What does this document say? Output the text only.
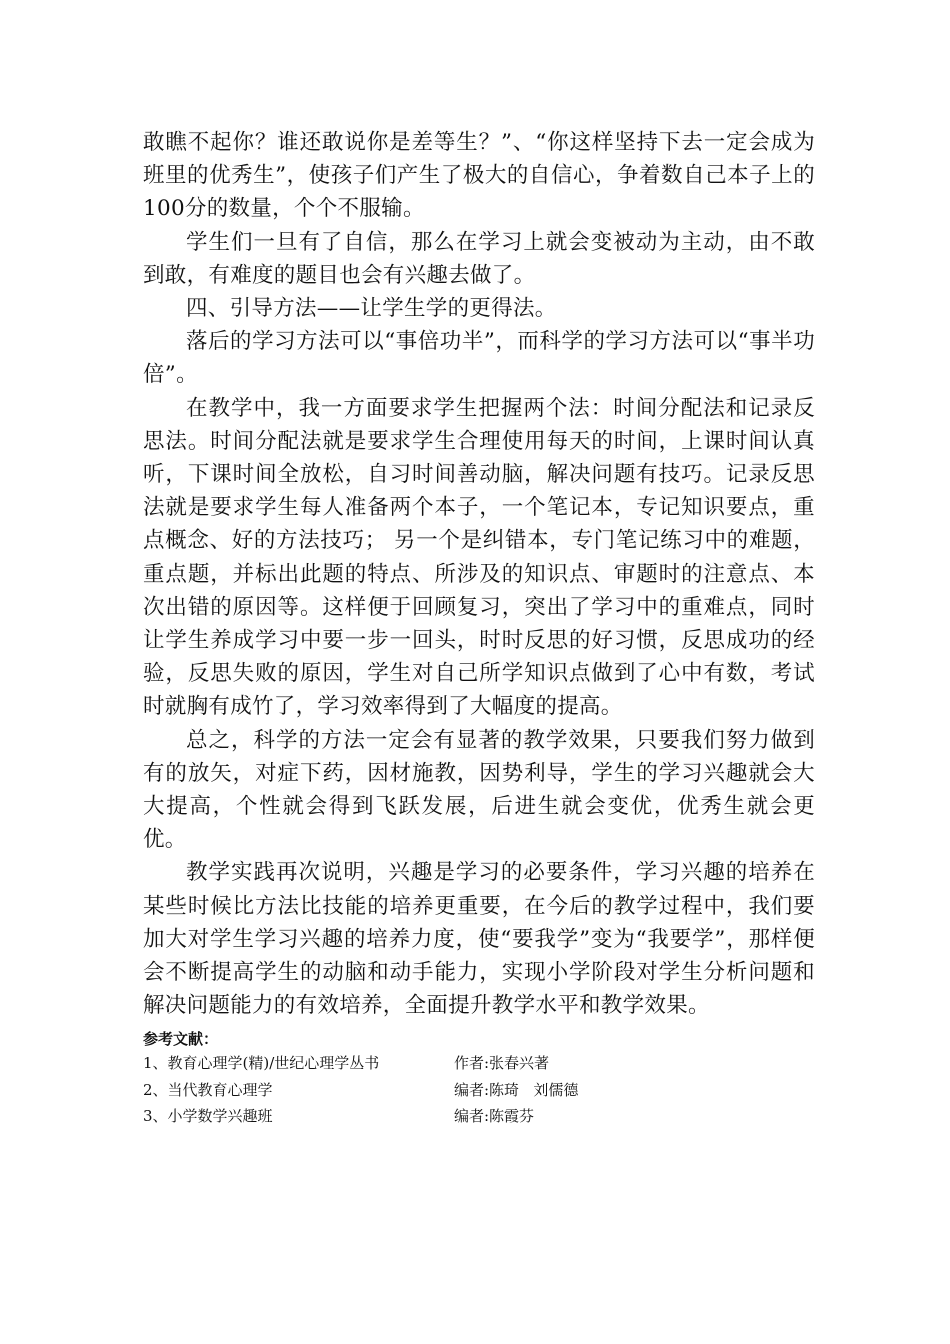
敢瞧不起你？谁还敢说你是差等生？”、“你这样坚持下去一定会成为班里的优秀生”，使孩子们产生了极大的自信心，争着数自己本子上的100分的数量，个个不服输。

学生们一旦有了自信，那么在学习上就会变被动为主动，由不敢到敢，有难度的题目也会有兴趣去做了。

四、引导方法——让学生学的更得法。

落后的学习方法可以“事倍功半”，而科学的学习方法可以“事半功倍”。

在教学中，我一方面要求学生把握两个法：时间分配法和记录反思法。时间分配法就是要求学生合理使用每天的时间，上课时间认真听，下课时间全放松，自习时间善动脑，解决问题有技巧。记录反思法就是要求学生每人准备两个本子，一个笔记本，专记知识要点，重点概念、好的方法技巧； 另一个是纠错本，专门笔记练习中的难题，重点题，并标出此题的特点、所涉及的知识点、审题时的注意点、本次出错的原因等。这样便于回顾复习，突出了学习中的重难点，同时让学生养成学习中要一步一回头，时时反思的好习惯，反思成功的经验，反思失败的原因，学生对自己所学知识点做到了心中有数，考试时就胸有成竹了，学习效率得到了大幅度的提高。

总之，科学的方法一定会有显著的教学效果，只要我们努力做到有的放矢，对症下药，因材施教，因势利导，学生的学习兴趣就会大大提高，个性就会得到飞跃发展，后进生就会变优，优秀生就会更优。

教学实践再次说明，兴趣是学习的必要条件，学习兴趣的培养在某些时候比方法比技能的培养更重要，在今后的教学过程中，我们要加大对学生学习兴趣的培养力度，使“要我学”变为“我要学”，那样便会不断提高学生的动脑和动手能力，实现小学阶段对学生分析问题和解决问题能力的有效培养，全面提升教学水平和教学效果。

参考文献：
1、教育心理学(精)/世纪心理学丛书	作者:张春兴著
2、当代教育心理学	编者:陈琦   刘儒德
3、小学数学兴趣班	编者:陈霞芬
